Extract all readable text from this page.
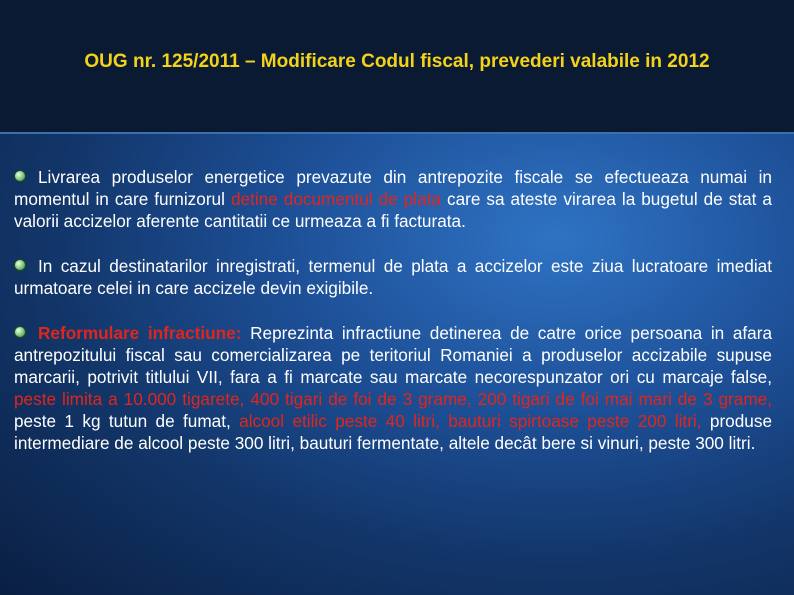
OUG nr. 125/2011 – Modificare Codul fiscal, prevederi valabile in 2012

Livrarea produselor energetice prevazute din antrepozite fiscale se efectueaza numai in momentul in care furnizorul detine documentul de plata care sa ateste virarea la bugetul de stat a valorii accizelor aferente cantitatii ce urmeaza a fi facturata.

In cazul destinatarilor inregistrati, termenul de plata a accizelor este ziua lucratoare imediat urmatoare celei in care accizele devin exigibile.

Reformulare infractiune: Reprezinta infractiune detinerea de catre orice persoana in afara antrepozitului fiscal sau comercializarea pe teritoriul Romaniei a produselor accizabile supuse marcarii, potrivit titlului VII, fara a fi marcate sau marcate necorespunzator ori cu marcaje false, peste limita a 10.000 tigarete, 400 tigari de foi de 3 grame, 200 tigari de foi mai mari de 3 grame, peste 1 kg tutun de fumat, alcool etilic peste 40 litri, bauturi spirtoase peste 200 litri, produse intermediare de alcool peste 300 litri, bauturi fermentate, altele decât bere si vinuri, peste 300 litri.
